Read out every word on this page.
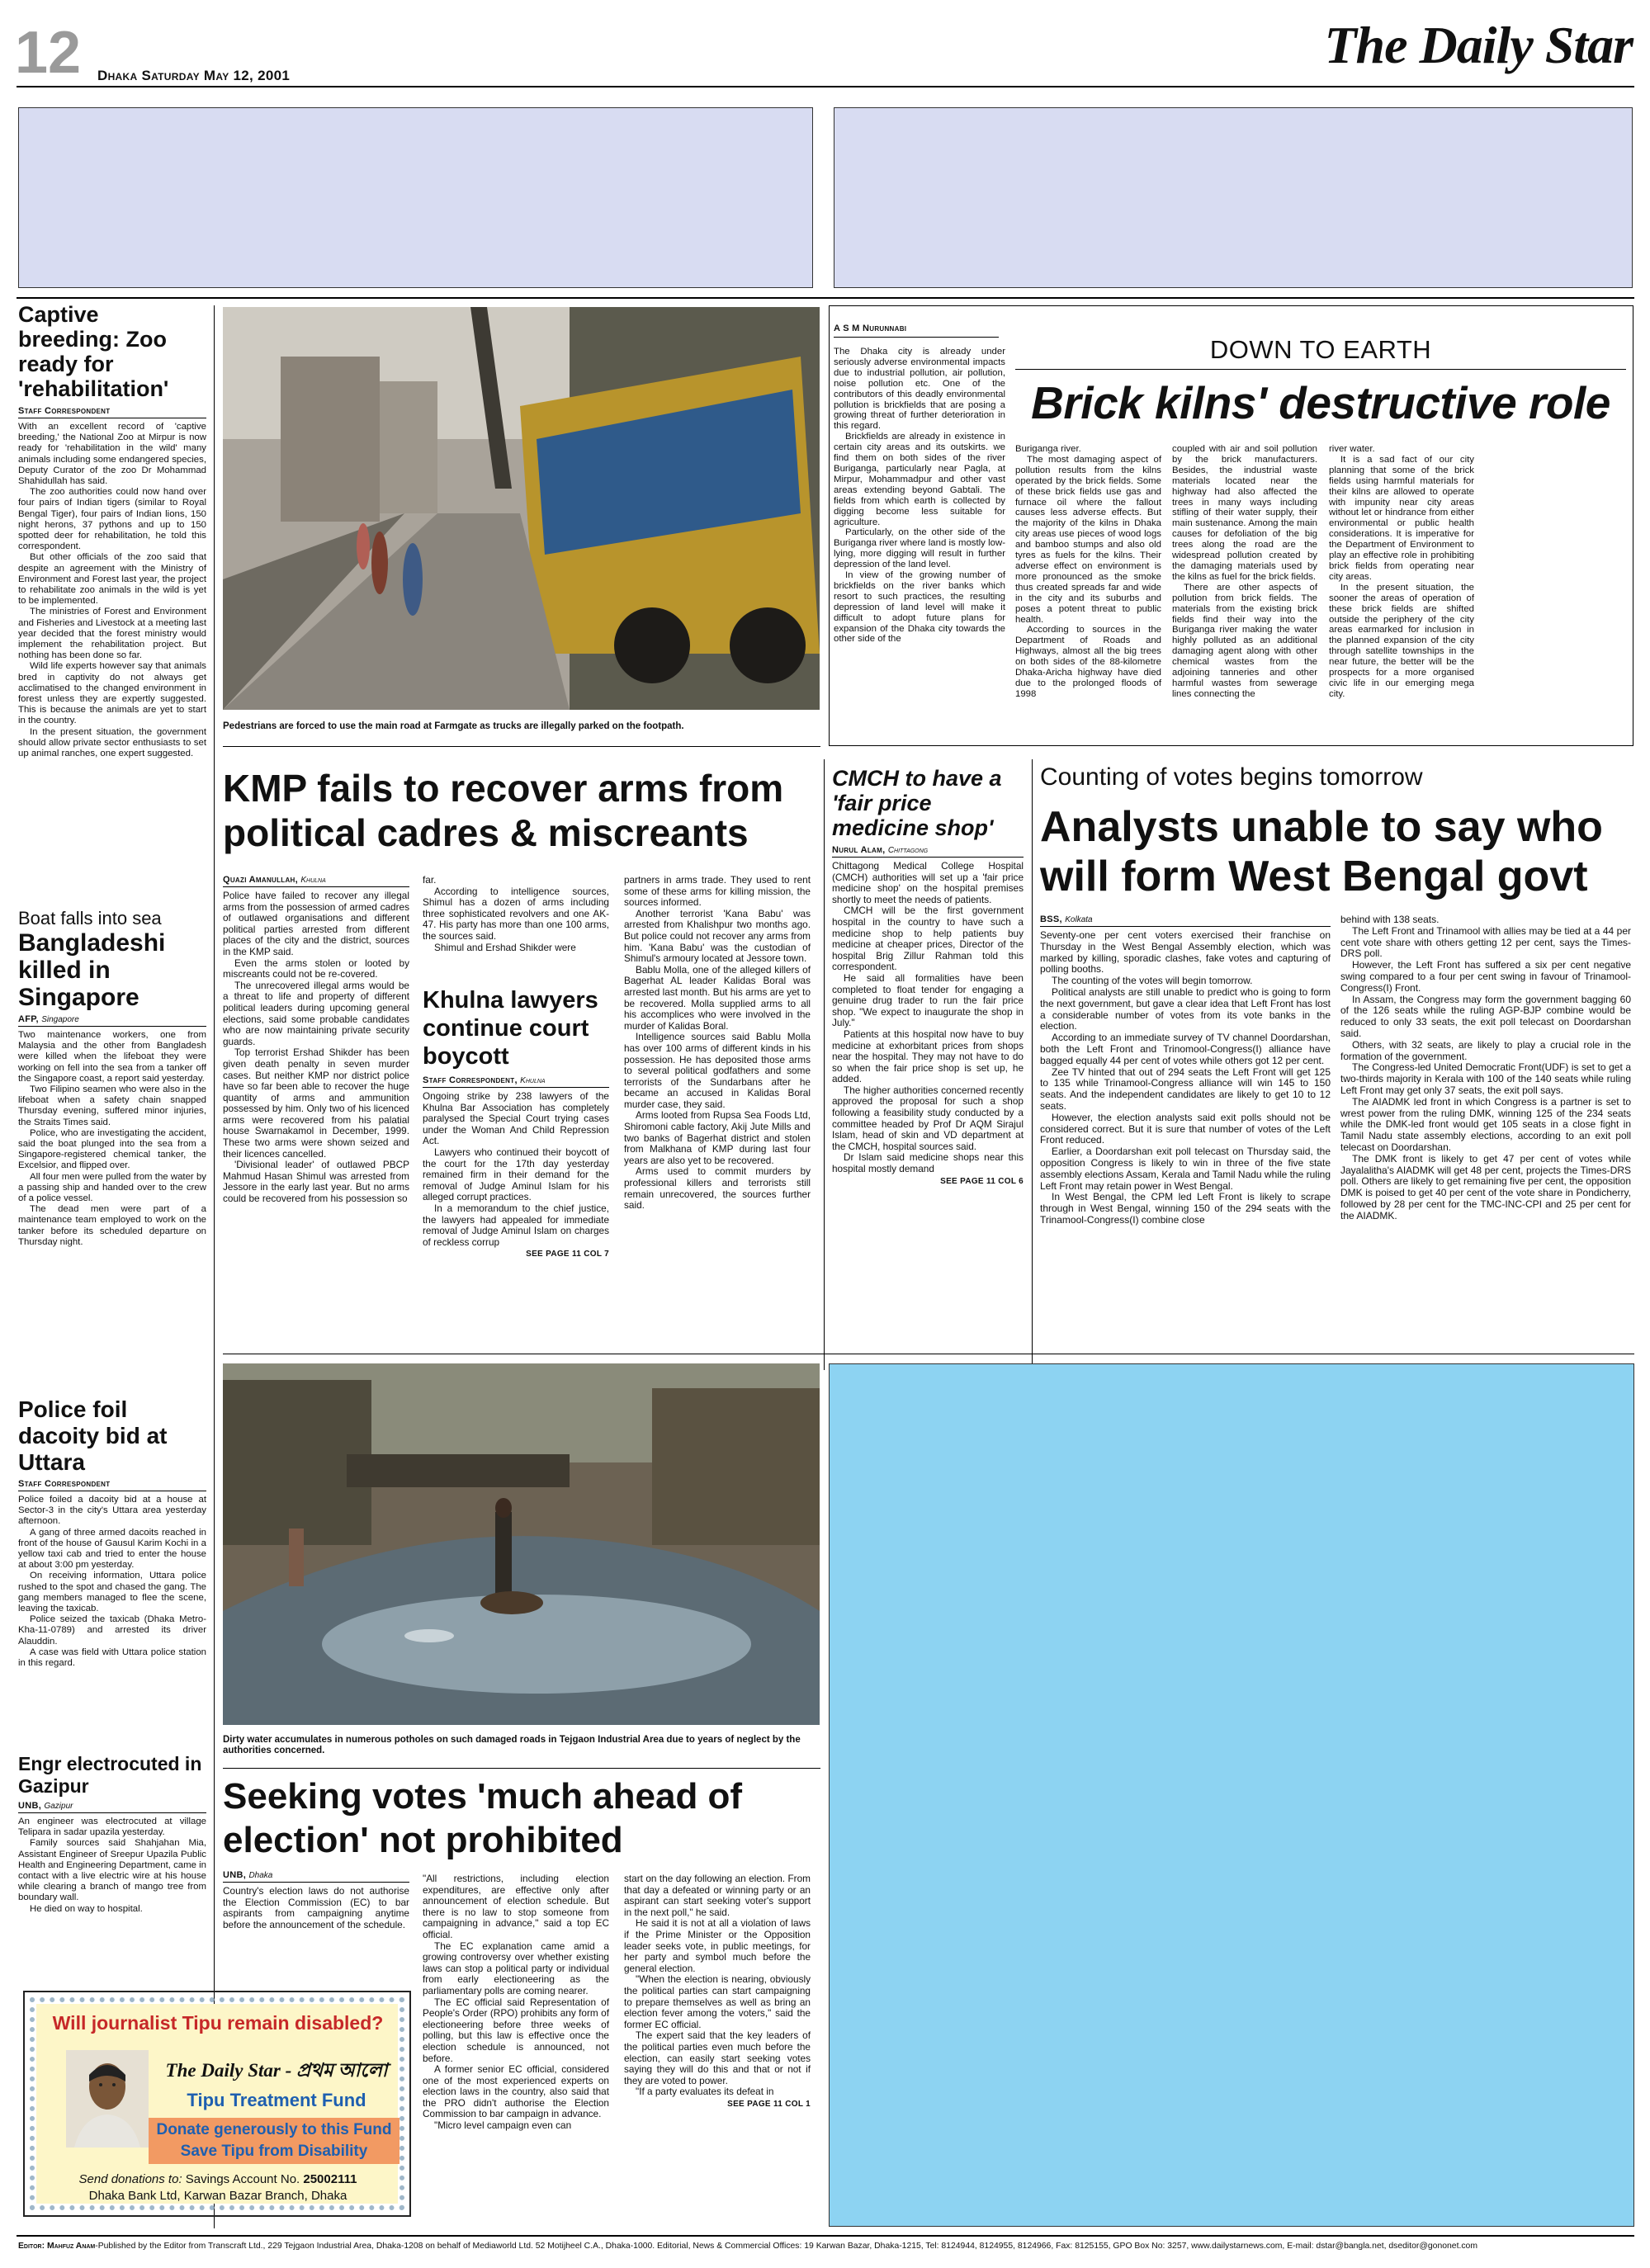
12 Dhaka Saturday May 12, 2001
The Daily Star
Captive breeding: Zoo ready for 'rehabilitation'
Staff Correspondent

With an excellent record of 'captive breeding,' the National Zoo at Mirpur is now ready for 'rehabilitation in the wild' many animals including some endangered species, Deputy Curator of the zoo Dr Mohammad Shahidullah has said.

The zoo authorities could now hand over four pairs of Indian tigers (similar to Royal Bengal Tiger), four pairs of Indian lions, 150 night herons, 37 pythons and up to 150 spotted deer for rehabilitation, he told this correspondent.

But other officials of the zoo said that despite an agreement with the Ministry of Environment and Forest last year, the project to rehabilitate zoo animals in the wild is yet to be implemented.

The ministries of Forest and Environment and Fisheries and Livestock at a meeting last year decided that the forest ministry would implement the rehabilitation project. But nothing has been done so far.

Wild life experts however say that animals bred in captivity do not always get acclimatised to the changed environment in forest unless they are expertly suggested. This is because the animals are yet to start in the country.

In the present situation, the government should allow private sector enthusiasts to set up animal ranches, one expert suggested.

Boat falls into sea
Bangladeshi killed in Singapore
AFP, Singapore

Two maintenance workers, one from Malaysia and the other from Bangladesh were killed when the lifeboat they were working on fell into the sea from a tanker off the Singapore coast, a report said yesterday.

Two Filipino seamen who were also in the lifeboat when a safety chain snapped Thursday evening, suffered minor injuries, the Straits Times said.

Police, who are investigating the accident, said the boat plunged into the sea from a Singapore-registered chemical tanker, the Excelsior, and flipped over.

All four men were pulled from the water by a passing ship and handed over to the crew of a police vessel.

The dead men were part of a maintenance team employed to work on the tanker before its scheduled departure on Thursday night.

Police foil dacoity bid at Uttara
Staff Correspondent

Police foiled a dacoity bid at a house at Sector-3 in the city's Uttara area yesterday afternoon.

A gang of three armed dacoits reached in front of the house of Gausul Karim Kochi in a yellow taxi cab and tried to enter the house at about 3:00 pm yesterday.

On receiving information, Uttara police rushed to the spot and chased the gang. The gang members managed to flee the scene, leaving the taxicab.

Police seized the taxicab (Dhaka Metro-Kha-11-0789) and arrested its driver Alauddin.

A case was field with Uttara police station in this regard.

Engr electrocuted in Gazipur
UNB, Gazipur

An engineer was electrocuted at village Telipara in sadar upazila yesterday.

Family sources said Shahjahan Mia, Assistant Engineer of Sreepur Upazila Public Health and Engineering Department, came in contact with a live electric wire at his house while clearing a branch of mango tree from boundary wall.

He died on way to hospital.

Will journalist Tipu remain disabled?
The Daily Star - প্রথম আলো
Tipu Treatment Fund
Donate generously to this Fund
Save Tipu from Disability
Send donations to: Savings Account No. 25002111
Dhaka Bank Ltd, Karwan Bazar Branch, Dhaka
Pedestrians are forced to use the main road at Farmgate as trucks are illegally parked on the footpath.
A S M Nurunnabi
DOWN TO EARTH
Brick kilns' destructive role

The Dhaka city is already under seriously adverse environmental impacts due to industrial pollution, air pollution, noise pollution etc. One of the contributors of this deadly environmental pollution is brickfields that are posing a growing threat of further deterioration in this regard.

Brickfields are already in existence in certain city areas and its outskirts. we find them on both sides of the river Buriganga, particularly near Pagla, at Mirpur, Mohammadpur and other vast areas extending beyond Gabtali. The fields from which earth is collected by digging become less suitable for agriculture.

Particularly, on the other side of the Buriganga river where land is mostly low-lying, more digging will result in further depression of the land level.

In view of the growing number of brickfields on the river banks which resort to such practices, the resulting depression of land level will make it difficult to adopt future plans for expansion of the Dhaka city towards the other side of the

Buriganga river.

The most damaging aspect of pollution results from the kilns operated by the brick fields. Some of these brick fields use gas and furnace oil where the fallout causes less adverse effects. But the majority of the kilns in Dhaka city areas use pieces of wood logs and bamboo stumps and also old tyres as fuels for the kilns. Their adverse effect on environment is more pronounced as the smoke thus created spreads far and wide in the city and its suburbs and poses a potent threat to public health.

According to sources in the Department of Roads and Highways, almost all the big trees on both sides of the 88-kilometre Dhaka-Aricha highway have died due to the prolonged floods of 1998

coupled with air and soil pollution by the brick manufacturers. Besides, the industrial waste materials located near the highway had also affected the trees in many ways including stifling of their water supply, their main sustenance. Among the main causes for defoliation of the big trees along the road are the widespread pollution created by the damaging materials used by the kilns as fuel for the brick fields.

There are other aspects of pollution from brick fields. The materials from the existing brick fields find their way into the Buriganga river making the water highly polluted as an additional damaging agent along with other chemical wastes from the adjoining tanneries and other harmful wastes from sewerage lines connecting the

river water.

It is a sad fact of our city planning that some of the brick fields using harmful materials for their kilns are allowed to operate with impunity near city areas without let or hindrance from either environmental or public health considerations. It is imperative for the Department of Environment to play an effective role in prohibiting brick fields from operating near city areas.

In the present situation, the sooner the areas of operation of these brick fields are shifted outside the periphery of the city areas earmarked for inclusion in the planned expansion of the city through satellite townships in the near future, the better will be the prospects for a more organised civic life in our emerging mega city.

KMP fails to recover arms from political cadres & miscreants
Quazi Amanullah, Khulna

Police have failed to recover any illegal arms from the possession of armed cadres of outlawed organisations and different political parties arrested from different places of the city and the district, sources in the KMP said.

Even the arms stolen or looted by miscreants could not be re-covered.

The unrecovered illegal arms would be a threat to life and property of different political leaders during upcoming general elections, said some probable candidates who are now maintaining private security guards.

Top terrorist Ershad Shikder has been given death penalty in seven murder cases. But neither KMP nor district police have so far been able to recover the huge quantity of arms and ammunition possessed by him. Only two of his licenced arms were recovered from his palatial house Swarnakamol in December, 1999. These two arms were shown seized and their licences cancelled.

'Divisional leader' of outlawed PBCP Mahmud Hasan Shimul was arrested from Jessore in the early last year. But no arms could be recovered from his possession so

far.

According to intelligence sources, Shimul has a dozen of arms including three sophisticated revolvers and one AK-47. His party has more than one 100 arms, the sources said.

Shimul and Ershad Shikder were

Khulna lawyers continue court boycott
Staff Correspondent, Khulna

Ongoing strike by 238 lawyers of the Khulna Bar Association has completely paralysed the Special Court trying cases under the Woman And Child Repression Act.

Lawyers who continued their boycott of the court for the 17th day yesterday remained firm in their demand for the removal of Judge Aminul Islam for his alleged corrupt practices.

In a memorandum to the chief justice, the lawyers had appealed for immediate removal of Judge Aminul Islam on charges of reckless corrup

SEE PAGE 11 COL 7

partners in arms trade. They used to rent some of these arms for killing mission, the sources informed.

Another terrorist 'Kana Babu' was arrested from Khalishpur two months ago. But police could not recover any arms from him. 'Kana Babu' was the custodian of Shimul's armoury located at Jessore town.

Bablu Molla, one of the alleged killers of Bagerhat AL leader Kalidas Boral was arrested last month. But his arms are yet to be recovered. Molla supplied arms to all his accomplices who were involved in the murder of Kalidas Boral.

Intelligence sources said Bablu Molla has over 100 arms of different kinds in his possession. He has deposited those arms to several political godfathers and some terrorists of the Sundarbans after he became an accused in Kalidas Boral murder case, they said.

Arms looted from Rupsa Sea Foods Ltd, Shiromoni cable factory, Akij Jute Mills and two banks of Bagerhat district and stolen from Malkhana of KMP during last four years are also yet to be recovered.

Arms used to commit murders by professional killers and terrorists still remain unrecovered, the sources further said.

CMCH to have a 'fair price medicine shop'
Nurul Alam, Chittagong

Chittagong Medical College Hospital (CMCH) authorities will set up a 'fair price medicine shop' on the hospital premises shortly to meet the needs of patients.

CMCH will be the first government hospital in the country to have such a medicine shop to help patients buy medicine at cheaper prices, Director of the hospital Brig Zillur Rahman told this correspondent.

He said all formalities have been completed to float tender for engaging a genuine drug trader to run the fair price shop. "We expect to inaugurate the shop in July."

Patients at this hospital now have to buy medicine at exhorbitant prices from shops near the hospital. They may not have to do so when the fair price shop is set up, he added.

The higher authorities concerned recently approved the proposal for such a shop following a feasibility study conducted by a committee headed by Prof Dr AQM Sirajul Islam, head of skin and VD department at the CMCH, hospital sources said.

Dr Islam said medicine shops near this hospital mostly demand

SEE PAGE 11 COL 6
Counting of votes begins tomorrow
Analysts unable to say who will form West Bengal govt
BSS, Kolkata

Seventy-one per cent voters exercised their franchise on Thursday in the West Bengal Assembly election, which was marked by killing, sporadic clashes, fake votes and capturing of polling booths.

The counting of the votes will begin tomorrow.

Political analysts are still unable to predict who is going to form the next government, but gave a clear idea that Left Front has lost a considerable number of votes from its vote banks in the election.

According to an immediate survey of TV channel Doordarshan, both the Left Front and Trinomool-Congress(I) alliance have bagged equally 44 per cent of votes while others got 12 per cent.

Zee TV hinted that out of 294 seats the Left Front will get 125 to 135 while Trinamool-Congress alliance will win 145 to 150 seats. And the independent candidates are likely to get 10 to 12 seats.

However, the election analysts said exit polls should not be considered correct. But it is sure that number of votes of the Left Front reduced.

Earlier, a Doordarshan exit poll telecast on Thursday said, the opposition Congress is likely to win in three of the five state assembly elections Assam, Kerala and Tamil Nadu while the ruling Left Front may retain power in West Bengal.

In West Bengal, the CPM led Left Front is likely to scrape through in West Bengal, winning 150 of the 294 seats with the Trinamool-Congress(I) combine close

behind with 138 seats.

The Left Front and Trinamool with allies may be tied at a 44 per cent vote share with others getting 12 per cent, says the Times-DRS poll.

However, the Left Front has suffered a six per cent negative swing compared to a four per cent swing in favour of Trinamool-Congress(I) Front.

In Assam, the Congress may form the government bagging 60 of the 126 seats while the ruling AGP-BJP combine would be reduced to only 33 seats, the exit poll telecast on Doordarshan said.

Others, with 32 seats, are likely to play a crucial role in the formation of the government.

The Congress-led United Democratic Front(UDF) is set to get a two-thirds majority in Kerala with 100 of the 140 seats while ruling Left Front may get only 37 seats, the exit poll says.

The AIADMK led front in which Congress is a partner is set to wrest power from the ruling DMK, winning 125 of the 234 seats while the DMK-led front would get 105 seats in a close fight in Tamil Nadu state assembly elections, according to an exit poll telecast on Doordarshan.

The DMK front is likely to get 47 per cent of votes while Jayalalitha's AIADMK will get 48 per cent, projects the Times-DRS poll. Others are likely to get remaining five per cent, the opposition DMK is poised to get 40 per cent of the vote share in Pondicherry, followed by 28 per cent for the TMC-INC-CPI and 25 per cent for the AIADMK.

Dirty water accumulates in numerous potholes on such damaged roads in Tejgaon Industrial Area due to years of neglect by the authorities concerned.
Seeking votes 'much ahead of election' not prohibited
UNB, Dhaka

Country's election laws do not authorise the Election Commission (EC) to bar aspirants from campaigning anytime before the announcement of the schedule.

"All restrictions, including election expenditures, are effective only after announcement of election schedule. But there is no law to stop someone from campaigning in advance," said a top EC official.

The EC explanation came amid a growing controversy over whether existing laws can stop a political party or individual from early electioneering as the parliamentary polls are coming nearer.

The EC official said Representation of People's Order (RPO) prohibits any form of electioneering before three weeks of polling, but this law is effective once the election schedule is announced, not before.

A former senior EC official, considered one of the most experienced experts on election laws in the country, also said that the PRO didn't authorise the Election Commission to bar campaign in advance.

"Micro level campaign even can

start on the day following an election. From that day a defeated or winning party or an aspirant can start seeking voter's support in the next poll," he said.

He said it is not at all a violation of laws if the Prime Minister or the Opposition leader seeks vote, in public meetings, for her party and symbol much before the general election.

"When the election is nearing, obviously the political parties can start campaigning to prepare themselves as well as bring an election fever among the voters," said the former EC official.

The expert said that the key leaders of the political parties even much before the election, can easily start seeking votes saying they will do this and that or not if they are voted to power.

"If a party evaluates its defeat in

SEE PAGE 11 COL 1
Editor: Mahfuz Anam-Published by the Editor from Transcraft Ltd., 229 Tejgaon Industrial Area, Dhaka-1208 on behalf of Mediaworld Ltd. 52 Motijheel C.A., Dhaka-1000. Editorial, News & Commercial Offices: 19 Karwan Bazar, Dhaka-1215, Tel: 8124944, 8124955, 8124966, Fax: 8125155, GPO Box No: 3257, www.dailystarnews.com, E-mail: dstar@bangla.net, dseditor@gononet.com
